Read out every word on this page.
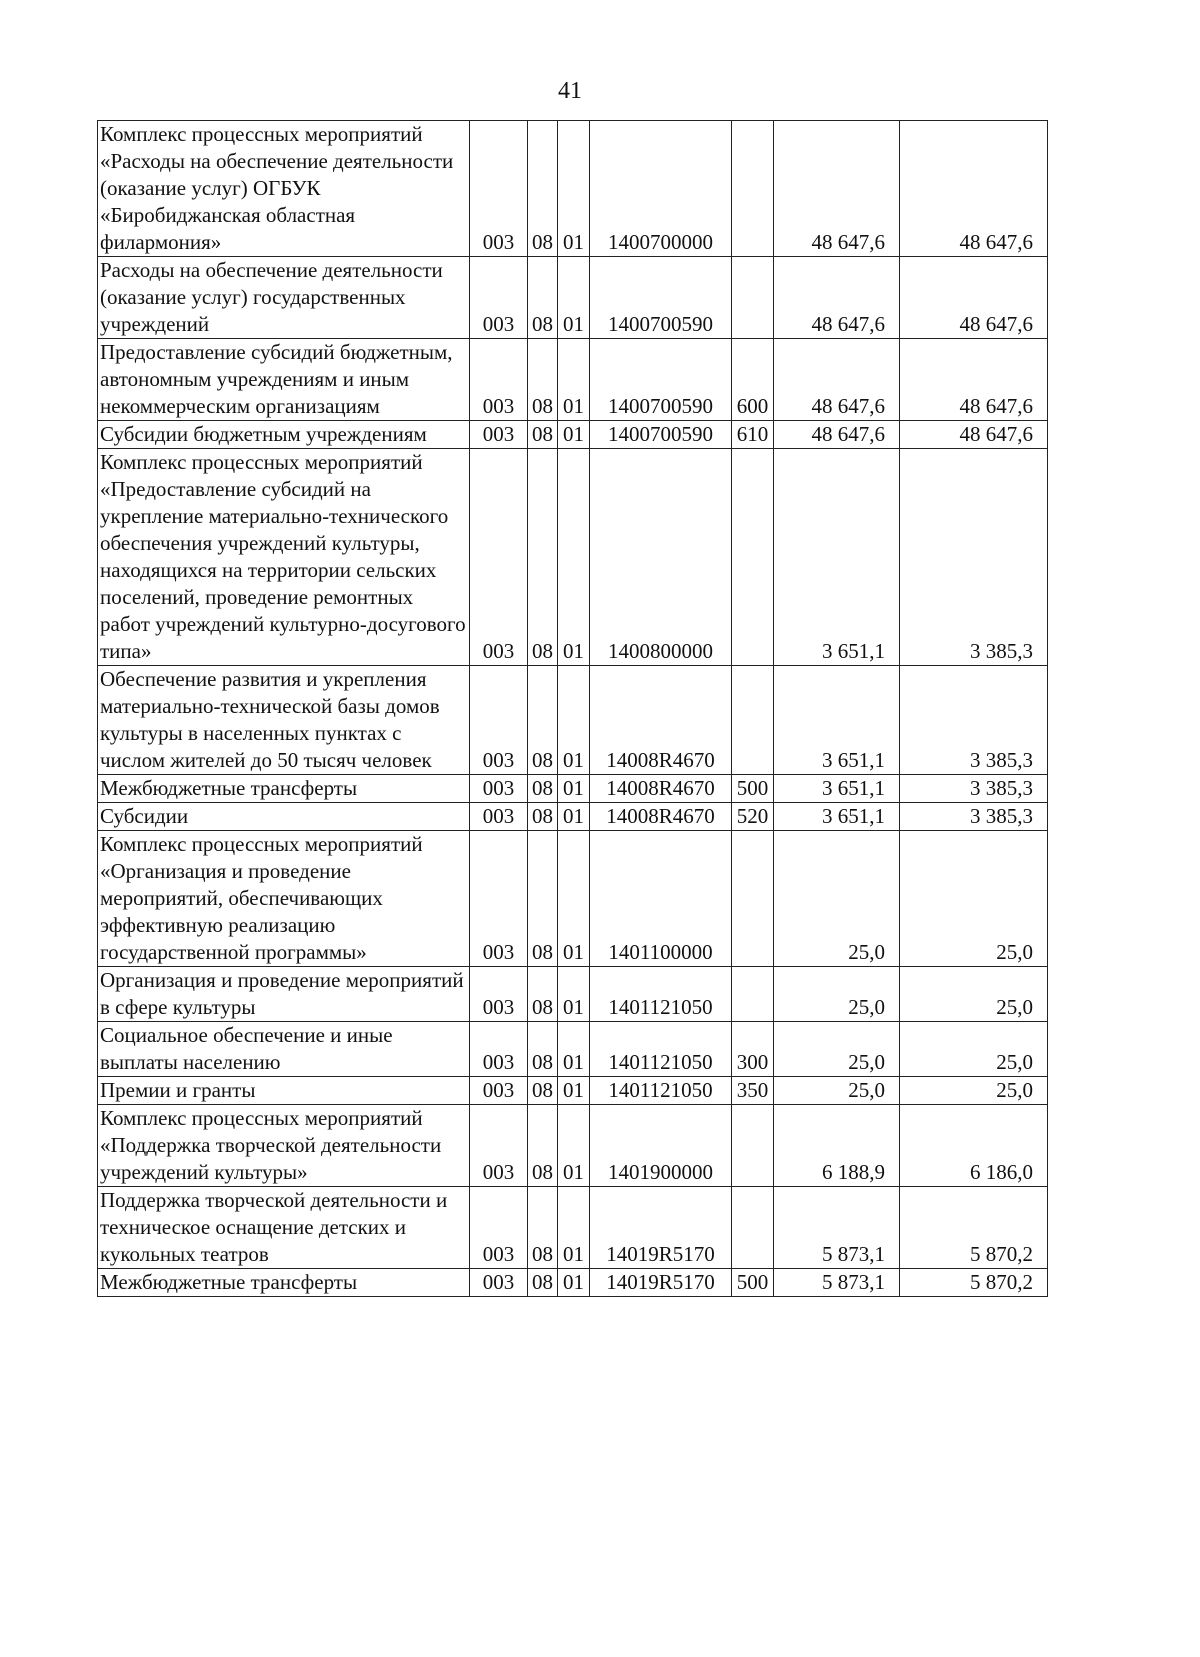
41
Комплекс процессных мероприятий «Расходы на обеспечение деятельности (оказание услуг) ОГБУК «Биробиджанская областная филармония»	003	08	01	1400700000		48 647,6	48 647,6
Расходы на обеспечение деятельности (оказание услуг) государственных учреждений	003	08	01	1400700590		48 647,6	48 647,6
Предоставление субсидий бюджетным, автономным учреждениям и иным некоммерческим организациям	003	08	01	1400700590	600	48 647,6	48 647,6
Субсидии бюджетным учреждениям	003	08	01	1400700590	610	48 647,6	48 647,6
Комплекс процессных мероприятий «Предоставление субсидий на укрепление материально-технического обеспечения учреждений культуры, находящихся на территории сельских поселений, проведение ремонтных работ учреждений культурно-досугового типа»	003	08	01	1400800000		3 651,1	3 385,3
Обеспечение развития и укрепления материально-технической базы домов культуры в населенных пунктах с числом жителей до 50 тысяч человек	003	08	01	14008R4670		3 651,1	3 385,3
Межбюджетные трансферты	003	08	01	14008R4670	500	3 651,1	3 385,3
Субсидии	003	08	01	14008R4670	520	3 651,1	3 385,3
Комплекс процессных мероприятий «Организация и проведение мероприятий, обеспечивающих эффективную реализацию государственной программы»	003	08	01	1401100000		25,0	25,0
Организация и проведение мероприятий в сфере культуры	003	08	01	1401121050		25,0	25,0
Социальное обеспечение и иные выплаты населению	003	08	01	1401121050	300	25,0	25,0
Премии и гранты	003	08	01	1401121050	350	25,0	25,0
Комплекс процессных мероприятий «Поддержка творческой деятельности учреждений культуры»	003	08	01	1401900000		6 188,9	6 186,0
Поддержка творческой деятельности и техническое оснащение детских и кукольных театров	003	08	01	14019R5170		5 873,1	5 870,2
Межбюджетные трансферты	003	08	01	14019R5170	500	5 873,1	5 870,2
